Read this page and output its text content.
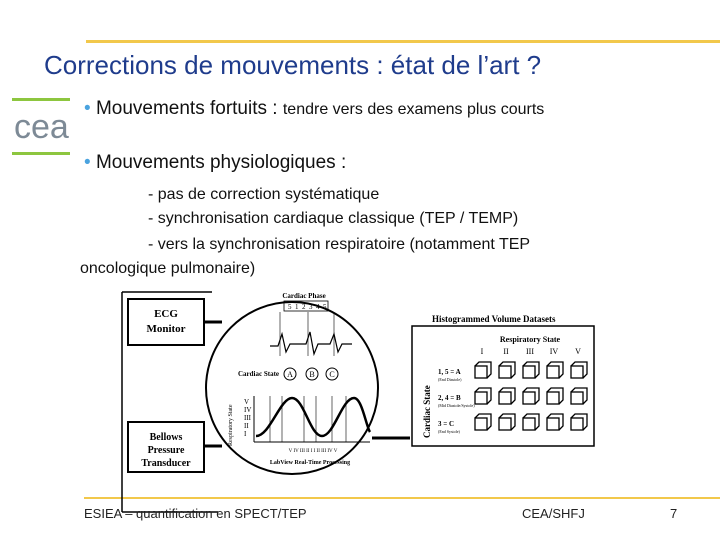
Corrections de mouvements : état de l’art ?
cea • Mouvements fortuits : tendre vers des examens plus courts
• Mouvements physiologiques :
- pas de correction systématique
- synchronisation cardiaque classique (TEP / TEMP)
- vers la synchronisation respiratoire (notamment TEP
oncologique pulmonaire)
ECG
Monitor
Bellows
Pressure
Transducer
Cardiac Phase
5 1 2 3 4 5
Cardiac State A B C
Respiratory State
V
IV
III
II
I
V IV III II I I II III IV V
LabView Real-Time Processing
Histogrammed Volume Datasets
Respiratory State
I	II III IV V
Cardiac State
1, 5 = A
(End Diastole)
2, 4 = B
(Mid Diastole/Systole)
3 = C
(End Systole)
ESIEA – quantification en SPECT/TEP	CEA/SHFJ	7
